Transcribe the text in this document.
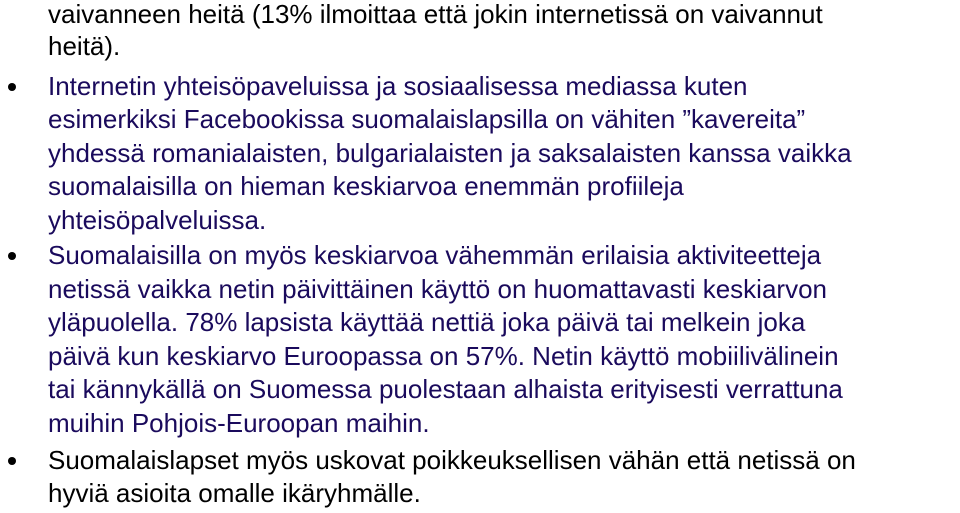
vaivanneen heitä (13% ilmoittaa että jokin internetissä on vaivannut
heitä).
Internetin yhteisöpaveluissa ja sosiaalisessa mediassa kuten
esimerkiksi Facebookissa suomalaislapsilla on vähiten ”kavereita”
yhdessä romanialaisten, bulgarialaisten ja saksalaisten kanssa vaikka
suomalaisilla on hieman keskiarvoa enemmän profiileja
yhteisöpalveluissa.
Suomalaisilla on myös keskiarvoa vähemmän erilaisia aktiviteetteja
netissä vaikka netin päivittäinen käyttö on huomattavasti keskiarvon
yläpuolella. 78% lapsista käyttää nettiä joka päivä tai melkein joka
päivä kun keskiarvo Euroopassa on 57%. Netin käyttö mobiilivälinein
tai kännykällä on Suomessa puolestaan alhaista erityisesti verrattuna
muihin Pohjois-Euroopan maihin.
Suomalaislapset myös uskovat poikkeuksellisen vähän että netissä on
hyviä asioita omalle ikäryhmälle.
